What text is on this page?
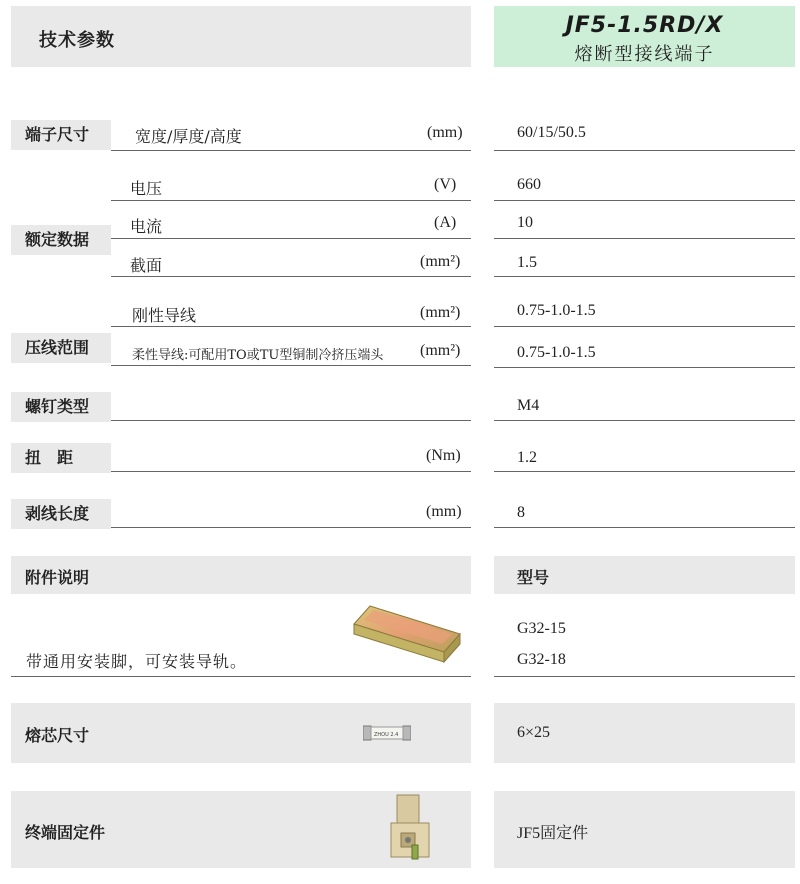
技术参数
JF5-1.5RD/X
熔断型接线端子
端子尺寸	宽度/厚度/高度	(mm)	60/15/50.5
额定数据
电压	(V)	660
电流	(A)	10
截面	(mm²)	1.5
压线范围
刚性导线	(mm²)	0.75-1.0-1.5
柔性导线:可配用TO或TU型铜制冷挤压端头 (mm²)	0.75-1.0-1.5
螺钉类型	M4
扭　距	(Nm)	1.2
剥线长度	(mm)	8
附件说明	型号
带通用安装脚，可安装导轨。
G32-15
G32-18
熔芯尺寸	ZHOU 2.4	6×25
终端固定件	JF5固定件
